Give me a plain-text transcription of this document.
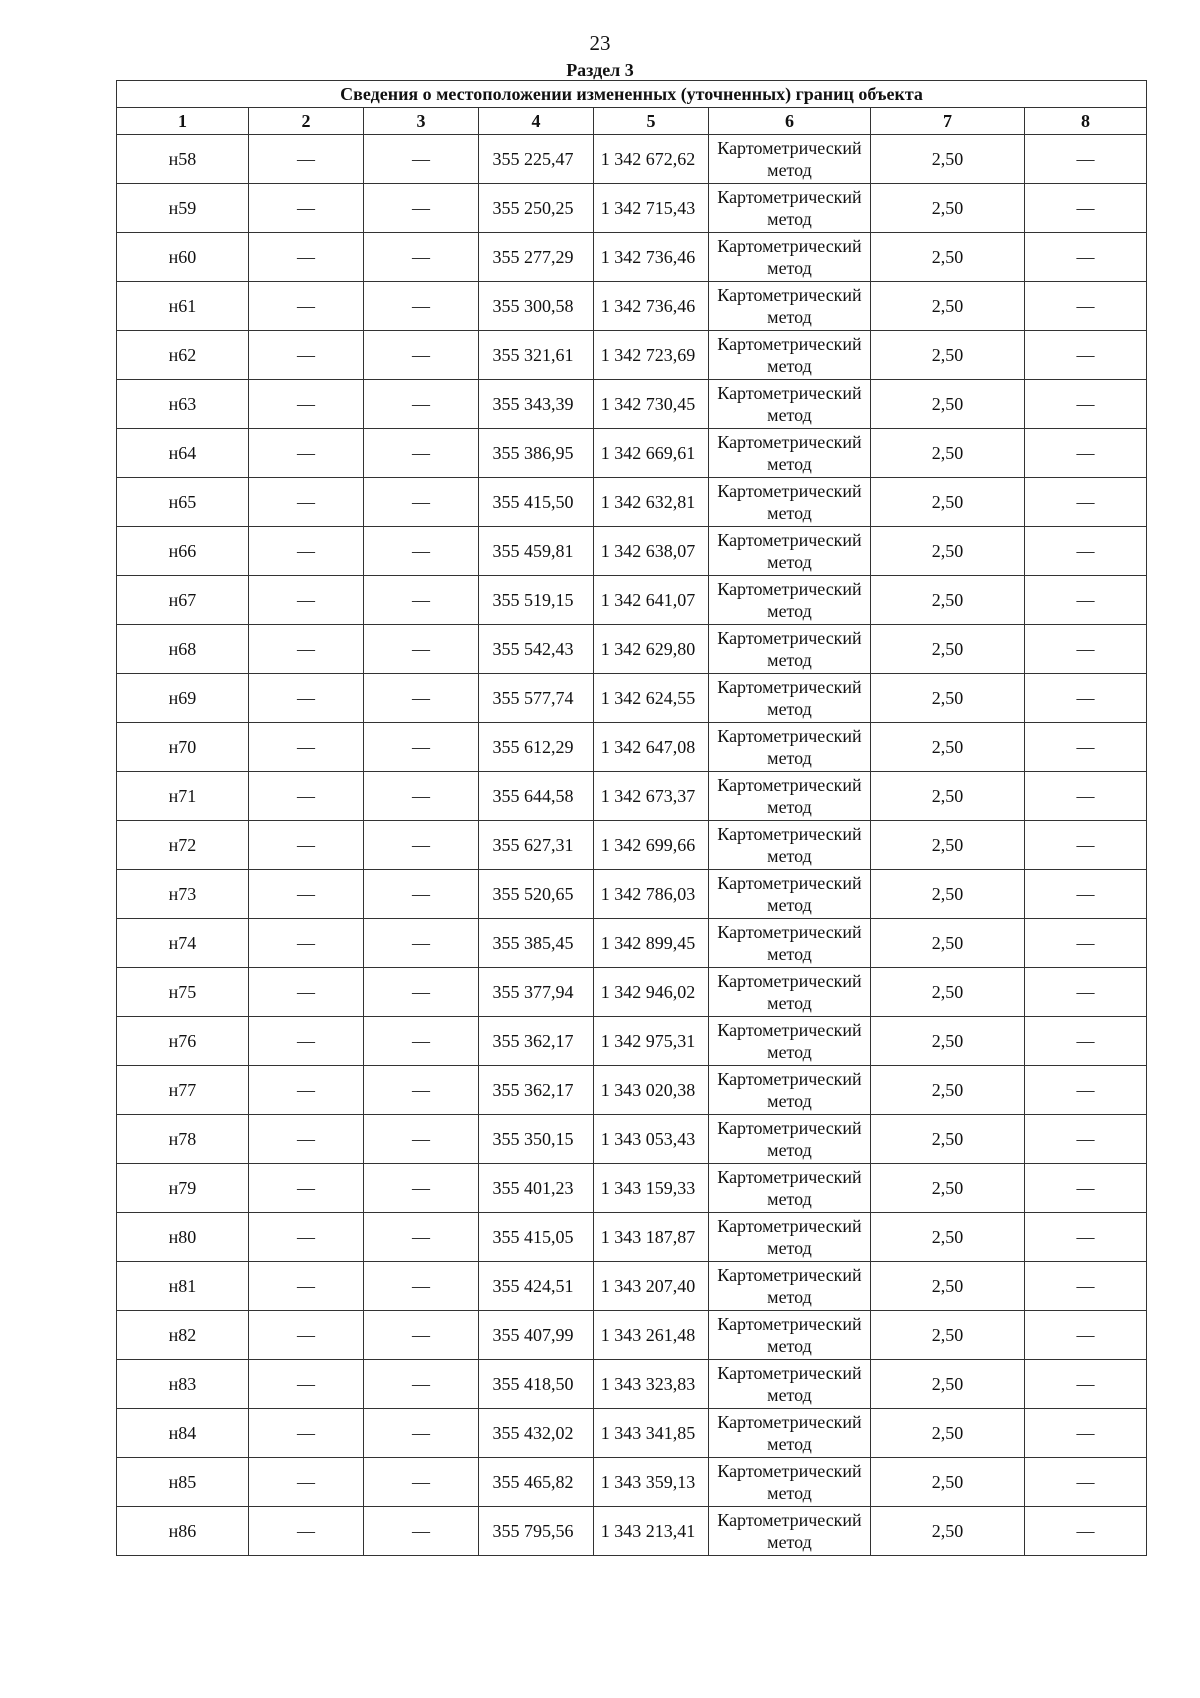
23
Раздел 3
Сведения о местоположении измененных (уточненных) границ объекта							
1	2	3	4	5	6	7	8
н58	—	—	355 225,47	1 342 672,62	Картометрический метод	2,50	—
н59	—	—	355 250,25	1 342 715,43	Картометрический метод	2,50	—
н60	—	—	355 277,29	1 342 736,46	Картометрический метод	2,50	—
н61	—	—	355 300,58	1 342 736,46	Картометрический метод	2,50	—
н62	—	—	355 321,61	1 342 723,69	Картометрический метод	2,50	—
н63	—	—	355 343,39	1 342 730,45	Картометрический метод	2,50	—
н64	—	—	355 386,95	1 342 669,61	Картометрический метод	2,50	—
н65	—	—	355 415,50	1 342 632,81	Картометрический метод	2,50	—
н66	—	—	355 459,81	1 342 638,07	Картометрический метод	2,50	—
н67	—	—	355 519,15	1 342 641,07	Картометрический метод	2,50	—
н68	—	—	355 542,43	1 342 629,80	Картометрический метод	2,50	—
н69	—	—	355 577,74	1 342 624,55	Картометрический метод	2,50	—
н70	—	—	355 612,29	1 342 647,08	Картометрический метод	2,50	—
н71	—	—	355 644,58	1 342 673,37	Картометрический метод	2,50	—
н72	—	—	355 627,31	1 342 699,66	Картометрический метод	2,50	—
н73	—	—	355 520,65	1 342 786,03	Картометрический метод	2,50	—
н74	—	—	355 385,45	1 342 899,45	Картометрический метод	2,50	—
н75	—	—	355 377,94	1 342 946,02	Картометрический метод	2,50	—
н76	—	—	355 362,17	1 342 975,31	Картометрический метод	2,50	—
н77	—	—	355 362,17	1 343 020,38	Картометрический метод	2,50	—
н78	—	—	355 350,15	1 343 053,43	Картометрический метод	2,50	—
н79	—	—	355 401,23	1 343 159,33	Картометрический метод	2,50	—
н80	—	—	355 415,05	1 343 187,87	Картометрический метод	2,50	—
н81	—	—	355 424,51	1 343 207,40	Картометрический метод	2,50	—
н82	—	—	355 407,99	1 343 261,48	Картометрический метод	2,50	—
н83	—	—	355 418,50	1 343 323,83	Картометрический метод	2,50	—
н84	—	—	355 432,02	1 343 341,85	Картометрический метод	2,50	—
н85	—	—	355 465,82	1 343 359,13	Картометрический метод	2,50	—
н86	—	—	355 795,56	1 343 213,41	Картометрический метод	2,50	—
